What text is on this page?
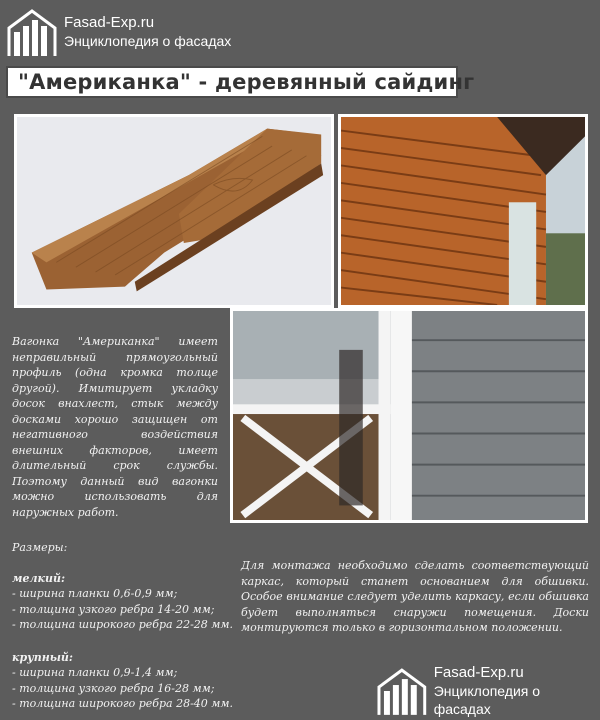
Fasad-Exp.ru
Энциклопедия о фасадах
"Американка" - деревянный сайдинг
Вагонка "Американка" имеет неправильный прямоугольный профиль (одна кромка толще другой). Имитирует укладку досок внахлест, стык между досками хорошо защищен от негативного воздействия внешних факторов, имеет длительный срок службы. Поэтому данный вид вагонки можно использовать для наружных работ.
Размеры:
мелкий:
- ширина планки 0,6-0,9 мм;
- толщина узкого ребра 14-20 мм;
- толщина широкого ребра 22-28 мм.
крупный:
- ширина планки 0,9-1,4 мм;
- толщина узкого ребра 16-28 мм;
- толщина широкого ребра 28-40 мм.
Для монтажа необходимо сделать соответствующий каркас, который станет основанием для обшивки. Особое внимание следует уделить каркасу, если обшивка будет выполняться снаружи помещения. Доски монтируются только в горизонтальном положении.
Fasad-Exp.ru
Энциклопедия о фасадах
